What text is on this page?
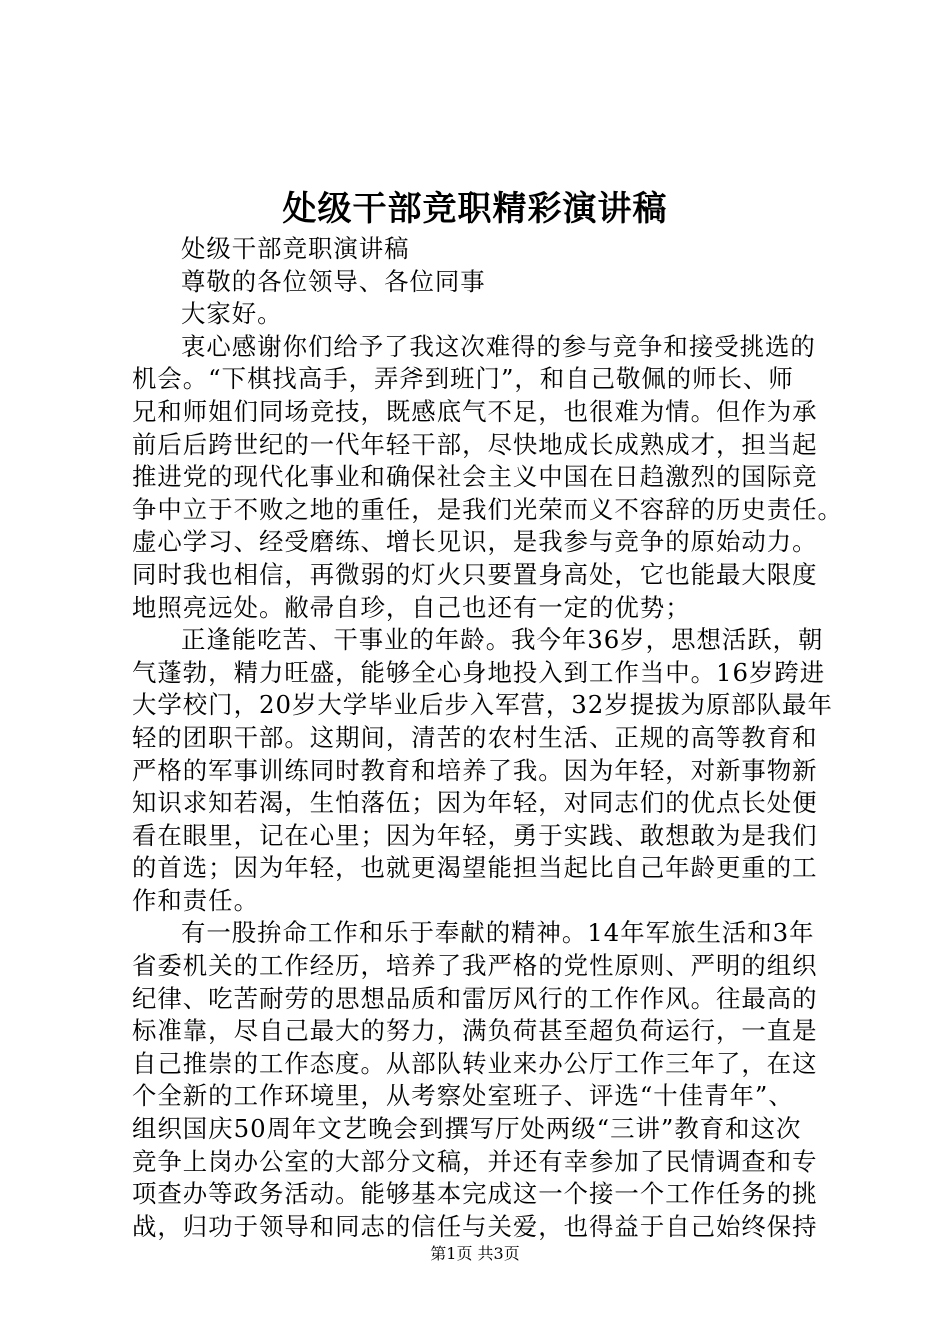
处级干部竞职精彩演讲稿
处级干部竞职演讲稿
尊敬的各位领导、各位同事
大家好。
衷心感谢你们给予了我这次难得的参与竞争和接受挑选的
机会。“下棋找高手，弄斧到班门”，和自己敬佩的师长、师
兄和师姐们同场竞技，既感底气不足，也很难为情。但作为承
前后后跨世纪的一代年轻干部，尽快地成长成熟成才，担当起
推进党的现代化事业和确保社会主义中国在日趋激烈的国际竞
争中立于不败之地的重任，是我们光荣而义不容辞的历史责任。
虚心学习、经受磨练、增长见识，是我参与竞争的原始动力。
同时我也相信，再微弱的灯火只要置身高处，它也能最大限度
地照亮远处。敝帚自珍，自己也还有一定的优势；
正逢能吃苦、干事业的年龄。我今年36岁，思想活跃，朝
气蓬勃，精力旺盛，能够全心身地投入到工作当中。16岁跨进
大学校门，20岁大学毕业后步入军营，32岁提拔为原部队最年
轻的团职干部。这期间，清苦的农村生活、正规的高等教育和
严格的军事训练同时教育和培养了我。因为年轻，对新事物新
知识求知若渴，生怕落伍；因为年轻，对同志们的优点长处便
看在眼里，记在心里；因为年轻，勇于实践、敢想敢为是我们
的首选；因为年轻，也就更渴望能担当起比自己年龄更重的工
作和责任。
有一股拚命工作和乐于奉献的精神。14年军旅生活和3年
省委机关的工作经历，培养了我严格的党性原则、严明的组织
纪律、吃苦耐劳的思想品质和雷厉风行的工作作风。往最高的
标准靠，尽自己最大的努力，满负荷甚至超负荷运行，一直是
自己推崇的工作态度。从部队转业来办公厅工作三年了，在这
个全新的工作环境里，从考察处室班子、评选“十佳青年”、
组织国庆50周年文艺晚会到撰写厅处两级“三讲”教育和这次
竞争上岗办公室的大部分文稿，并还有幸参加了民情调查和专
项查办等政务活动。能够基本完成这一个接一个工作任务的挑
战，归功于领导和同志的信任与关爱，也得益于自己始终保持
第1页 共3页
